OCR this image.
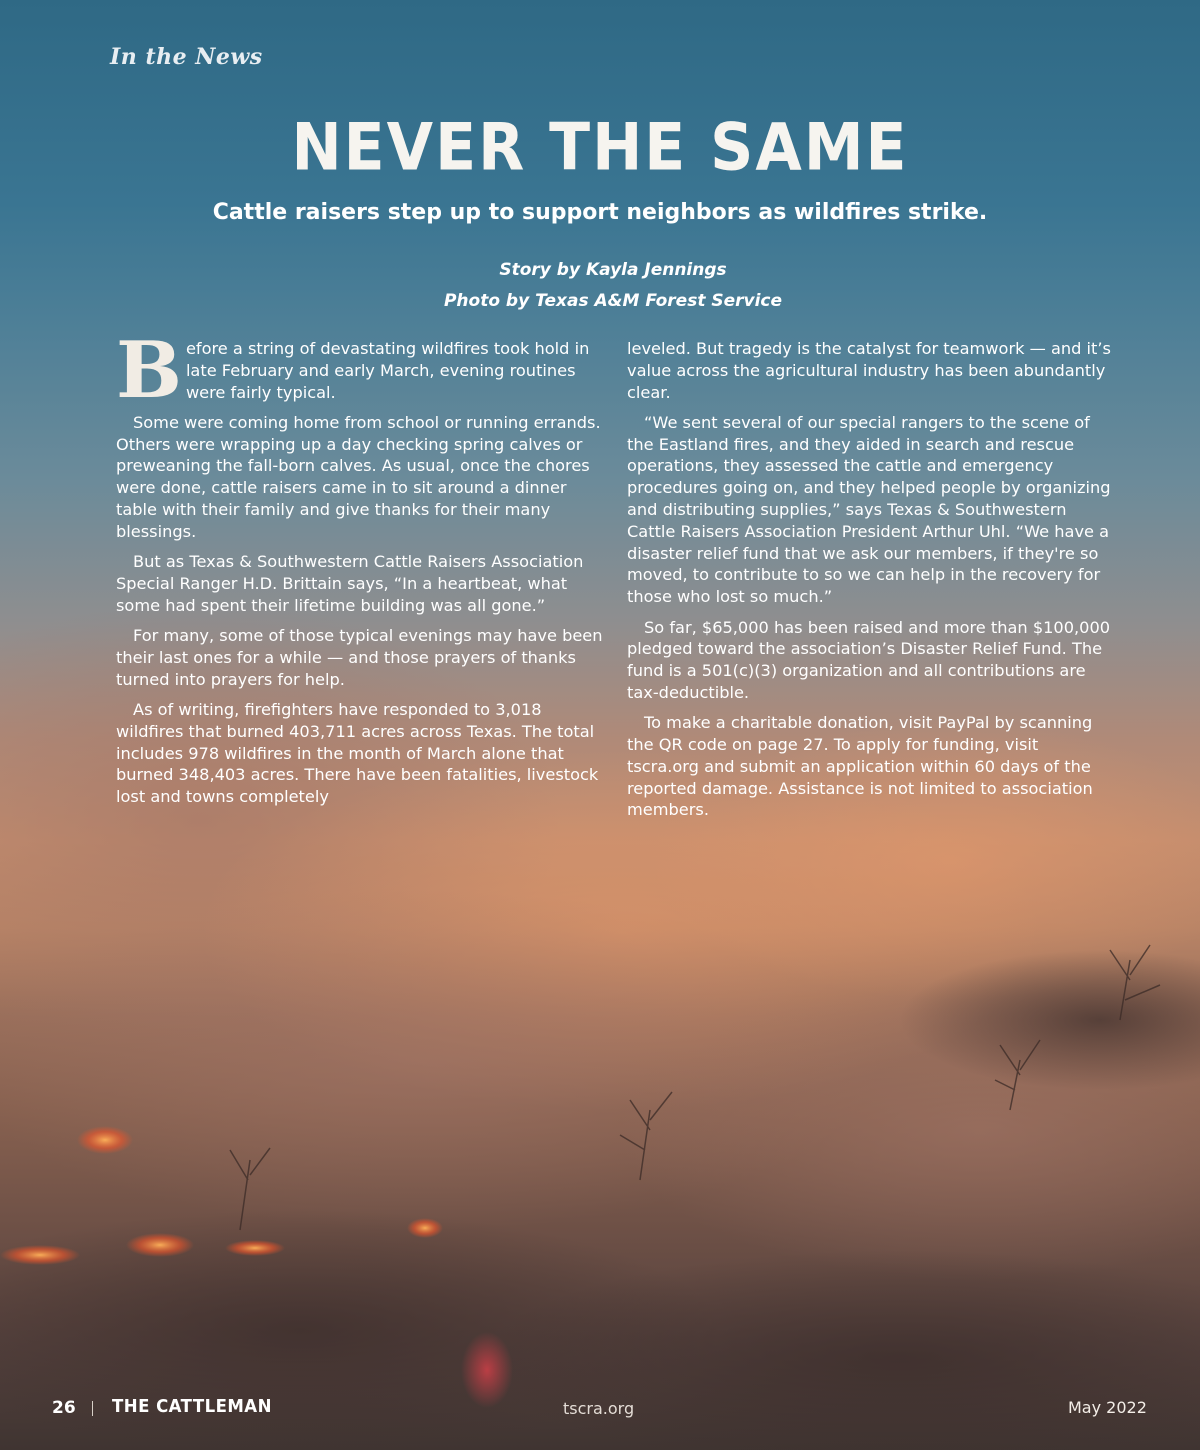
In the News
NEVER THE SAME
Cattle raisers step up to support neighbors as wildfires strike.
Story by Kayla Jennings
Photo by Texas A&M Forest Service

Before a string of devastating wildfires took hold in late February and early March, evening routines were fairly typical.

Some were coming home from school or running errands. Others were wrapping up a day checking spring calves or preweaning the fall-born calves. As usual, once the chores were done, cattle raisers came in to sit around a dinner table with their family and give thanks for their many blessings.

But as Texas & Southwestern Cattle Raisers Association Special Ranger H.D. Brittain says, “In a heartbeat, what some had spent their lifetime building was all gone.”

For many, some of those typical evenings may have been their last ones for a while — and those prayers of thanks turned into prayers for help.

As of writing, firefighters have responded to 3,018 wildfires that burned 403,711 acres across Texas. The total includes 978 wildfires in the month of March alone that burned 348,403 acres. There have been fatalities, livestock lost and towns completely

leveled. But tragedy is the catalyst for teamwork — and it’s value across the agricultural industry has been abundantly clear.

“We sent several of our special rangers to the scene of the Eastland fires, and they aided in search and rescue operations, they assessed the cattle and emergency procedures going on, and they helped people by organizing and distributing supplies,” says Texas & Southwestern Cattle Raisers Association President Arthur Uhl. “We have a disaster relief fund that we ask our members, if they're so moved, to contribute to so we can help in the recovery for those who lost so much.”

So far, $65,000 has been raised and more than $100,000 pledged toward the association’s Disaster Relief Fund. The fund is a 501(c)(3) organization and all contributions are tax-deductible.

To make a charitable donation, visit PayPal by scanning the QR code on page 27. To apply for funding, visit tscra.org and submit an application within 60 days of the reported damage. Assistance is not limited to association members.

26 THE CATTLEMAN	tscra.org	May 2022
